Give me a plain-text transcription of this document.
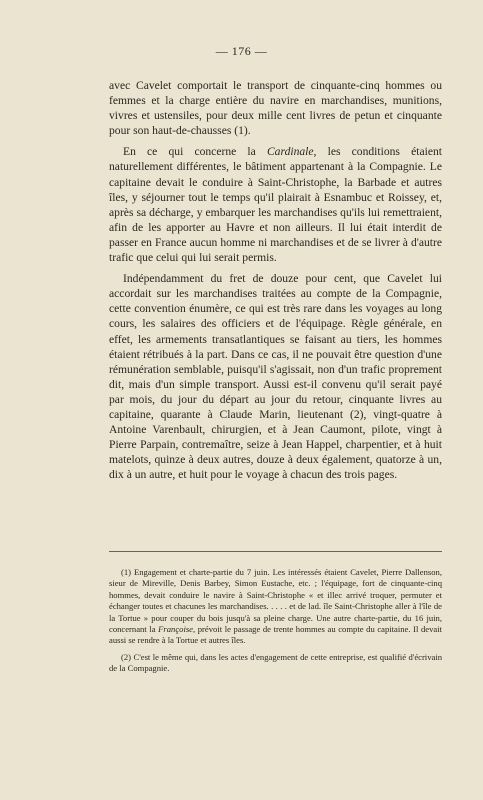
— 176 —

avec Cavelet comportait le transport de cinquante-cinq hommes ou femmes et la charge entière du navire en marchandises, munitions, vivres et ustensiles, pour deux mille cent livres de petun et cinquante pour son haut-de-chausses (1).

En ce qui concerne la Cardinale, les conditions étaient naturellement différentes, le bâtiment appartenant à la Compagnie. Le capitaine devait le conduire à Saint-Christophe, la Barbade et autres îles, y séjourner tout le temps qu'il plairait à Esnambuc et Roissey, et, après sa décharge, y embarquer les marchandises qu'ils lui remettraient, afin de les apporter au Havre et non ailleurs. Il lui était interdit de passer en France aucun homme ni marchandises et de se livrer à d'autre trafic que celui qui lui serait permis.

Indépendamment du fret de douze pour cent, que Cavelet lui accordait sur les marchandises traitées au compte de la Compagnie, cette convention énumère, ce qui est très rare dans les voyages au long cours, les salaires des officiers et de l'équipage. Règle générale, en effet, les armements transatlantiques se faisant au tiers, les hommes étaient rétribués à la part. Dans ce cas, il ne pouvait être question d'une rémunération semblable, puisqu'il s'agissait, non d'un trafic proprement dit, mais d'un simple transport. Aussi est-il convenu qu'il serait payé par mois, du jour du départ au jour du retour, cinquante livres au capitaine, quarante à Claude Marin, lieutenant (2), vingt-quatre à Antoine Varenbault, chirurgien, et à Jean Caumont, pilote, vingt à Pierre Parpain, contremaître, seize à Jean Happel, charpentier, et à huit matelots, quinze à deux autres, douze à deux également, quatorze à un, dix à un autre, et huit pour le voyage à chacun des trois pages.

(1) Engagement et charte-partie du 7 juin. Les intéressés étaient Cavelet, Pierre Dallenson, sieur de Mireville, Denis Barbey, Simon Eustache, etc. ; l'équipage, fort de cinquante-cinq hommes, devait conduire le navire à Saint-Christophe « et illec arrivé troquer, permuter et échanger toutes et chacunes les marchandises. . . . . et de lad. île Saint-Christophe aller à l'île de la Tortue » pour couper du bois jusqu'à sa pleine charge. Une autre charte-partie, du 16 juin, concernant la Françoise, prévoit le passage de trente hommes au compte du capitaine. Il devait aussi se rendre à la Tortue et autres îles.

(2) C'est le même qui, dans les actes d'engagement de cette entreprise, est qualifié d'écrivain de la Compagnie.
